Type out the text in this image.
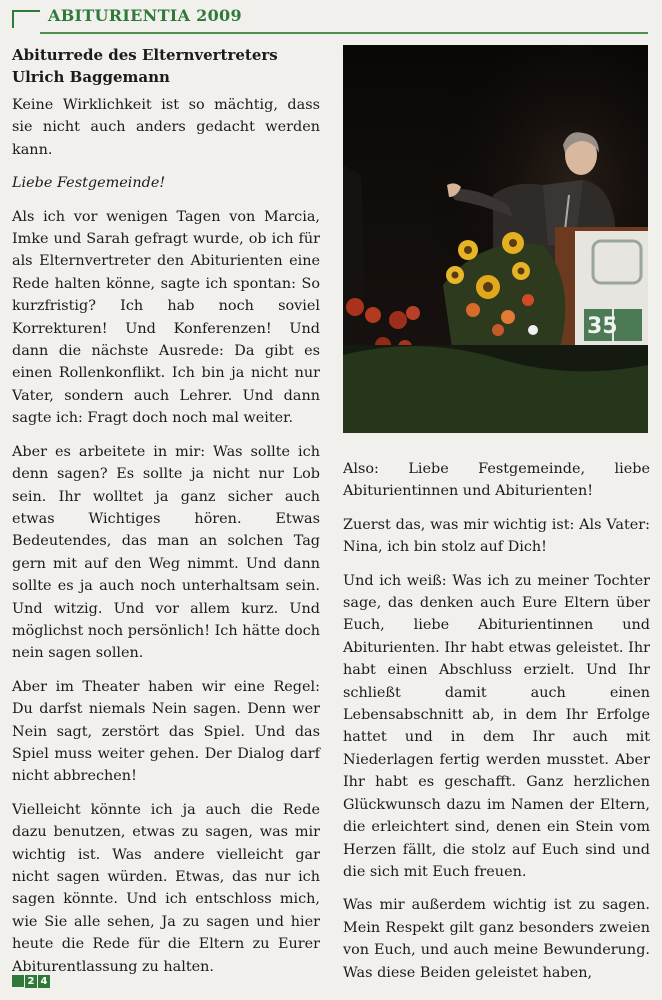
ABITURIENTIA 2009
Abiturrede des Elternvertreters Ulrich Baggemann

Keine Wirklichkeit ist so mächtig, dass sie nicht auch anders gedacht werden kann.

Liebe Festgemeinde!

Als ich vor wenigen Tagen von Marcia, Imke und Sarah gefragt wurde, ob ich für als Elternvertreter den Abiturienten eine Rede halten könne, sagte ich spontan: So kurzfristig? Ich hab noch soviel Korrekturen! Und Konferenzen! Und dann die nächste Ausrede: Da gibt es einen Rollenkonflikt. Ich bin ja nicht nur Vater, sondern auch Lehrer. Und dann sagte ich: Fragt doch noch mal weiter.

Aber es arbeitete in mir: Was sollte ich denn sagen? Es sollte ja nicht nur Lob sein. Ihr wolltet ja ganz sicher auch etwas Wichtiges hören. Etwas Bedeutendes, das man an solchen Tag gern mit auf den Weg nimmt. Und dann sollte es ja auch noch unterhaltsam sein. Und witzig. Und vor allem kurz. Und möglichst noch persönlich! Ich hätte doch nein sagen sollen.

Aber im Theater haben wir eine Regel: Du darfst niemals Nein sagen. Denn wer Nein sagt, zerstört das Spiel. Und das Spiel muss weiter gehen. Der Dialog darf nicht abbrechen!

Vielleicht könnte ich ja auch die Rede dazu benutzen, etwas zu sagen, was mir wichtig ist. Was andere vielleicht gar nicht sagen würden. Etwas, das nur ich sagen könnte. Und ich entschloss mich, wie Sie alle sehen, Ja zu sagen und hier heute die Rede für die Eltern zu Eurer Abiturentlassung zu halten.

35

Also: Liebe Festgemeinde, liebe Abiturientinnen und Abiturienten!

Zuerst das, was mir wichtig ist: Als Vater: Nina, ich bin stolz auf Dich!

Und ich weiß: Was ich zu meiner Tochter sage, das denken auch Eure Eltern über Euch, liebe Abiturientinnen und Abiturienten. Ihr habt etwas geleistet. Ihr habt einen Abschluss erzielt. Und Ihr schließt damit auch einen Lebensabschnitt ab, in dem Ihr Erfolge hattet und in dem Ihr auch mit Niederlagen fertig werden musstet. Aber Ihr habt es geschafft. Ganz herzlichen Glückwunsch dazu im Namen der Eltern, die erleichtert sind, denen ein Stein vom Herzen fällt, die stolz auf Euch sind und die sich mit Euch freuen.

Was mir außerdem wichtig ist zu sagen. Mein Respekt gilt ganz besonders zweien von Euch, und auch meine Bewunderung. Was diese Beiden geleistet haben,

2 4
